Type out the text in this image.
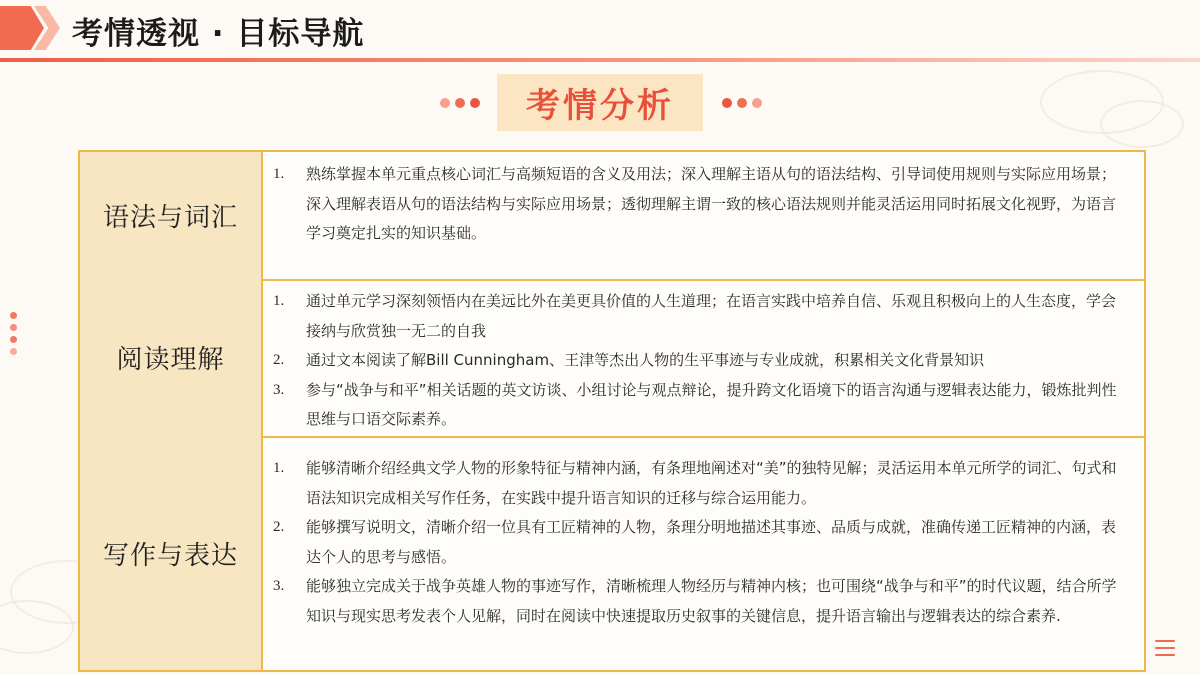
考情透视 · 目标导航
考情分析
语法与词汇
1.	熟练掌握本单元重点核心词汇与高频短语的含义及用法；深入理解主语从句的语法结构、引导词使用规则与实际应用场景；深入理解表语从句的语法结构与实际应用场景；透彻理解主谓一致的核心语法规则并能灵活运用同时拓展文化视野，为语言学习奠定扎实的知识基础。
阅读理解
1.	通过单元学习深刻领悟内在美远比外在美更具价值的人生道理；在语言实践中培养自信、乐观且积极向上的人生态度，学会接纳与欣赏独一无二的自我
2.	通过文本阅读了解Bill Cunningham、王津等杰出人物的生平事迹与专业成就，积累相关文化背景知识
3.	参与“战争与和平”相关话题的英文访谈、小组讨论与观点辩论，提升跨文化语境下的语言沟通与逻辑表达能力，锻炼批判性思维与口语交际素养。
写作与表达
1.	能够清晰介绍经典文学人物的形象特征与精神内涵，有条理地阐述对“美”的独特见解；灵活运用本单元所学的词汇、句式和语法知识完成相关写作任务，在实践中提升语言知识的迁移与综合运用能力。
2.	能够撰写说明文，清晰介绍一位具有工匠精神的人物，条理分明地描述其事迹、品质与成就，准确传递工匠精神的内涵，表达个人的思考与感悟。
3.	能够独立完成关于战争英雄人物的事迹写作，清晰梳理人物经历与精神内核；也可围绕“战争与和平”的时代议题，结合所学知识与现实思考发表个人见解，同时在阅读中快速提取历史叙事的关键信息，提升语言输出与逻辑表达的综合素养.
